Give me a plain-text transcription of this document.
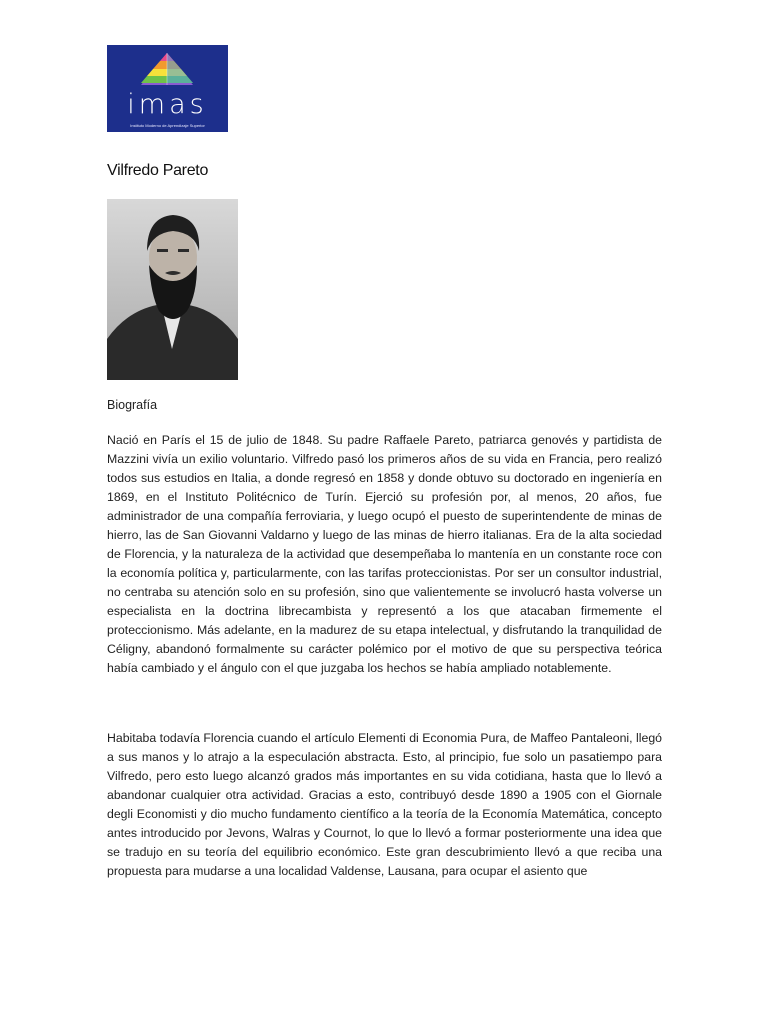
imas
Instituto Moderno de Aprendizaje Superior
Vilfredo Pareto
Biografía

Nació en París el 15 de julio de 1848. Su padre Raffaele Pareto, patriarca genovés y partidista de Mazzini vivía un exilio voluntario. Vilfredo pasó los primeros años de su vida en Francia, pero realizó todos sus estudios en Italia, a donde regresó en 1858 y donde obtuvo su doctorado en ingeniería en 1869, en el Instituto Politécnico de Turín. Ejerció su profesión por, al menos, 20 años, fue administrador de una compañía ferroviaria, y luego ocupó el puesto de superintendente de minas de hierro, las de San Giovanni Valdarno y luego de las minas de hierro italianas. Era de la alta sociedad de Florencia, y la naturaleza de la actividad que desempeñaba lo mantenía en un constante roce con la economía política y, particularmente, con las tarifas proteccionistas. Por ser un consultor industrial, no centraba su atención solo en su profesión, sino que valientemente se involucró hasta volverse un especialista en la doctrina librecambista y representó a los que atacaban firmemente el proteccionismo. Más adelante, en la madurez de su etapa intelectual, y disfrutando la tranquilidad de Céligny, abandonó formalmente su carácter polémico por el motivo de que su perspectiva teórica había cambiado y el ángulo con el que juzgaba los hechos se había ampliado notablemente.

Habitaba todavía Florencia cuando el artículo Elementi di Economia Pura, de Maffeo Pantaleoni, llegó a sus manos y lo atrajo a la especulación abstracta. Esto, al principio, fue solo un pasatiempo para Vilfredo, pero esto luego alcanzó grados más importantes en su vida cotidiana, hasta que lo llevó a abandonar cualquier otra actividad. Gracias a esto, contribuyó desde 1890 a 1905 con el Giornale degli Economisti y dio mucho fundamento científico a la teoría de la Economía Matemática, concepto antes introducido por Jevons, Walras y Cournot, lo que lo llevó a formar posteriormente una idea que se tradujo en su teoría del equilibrio económico. Este gran descubrimiento llevó a que reciba una propuesta para mudarse a una localidad Valdense, Lausana, para ocupar el asiento que
